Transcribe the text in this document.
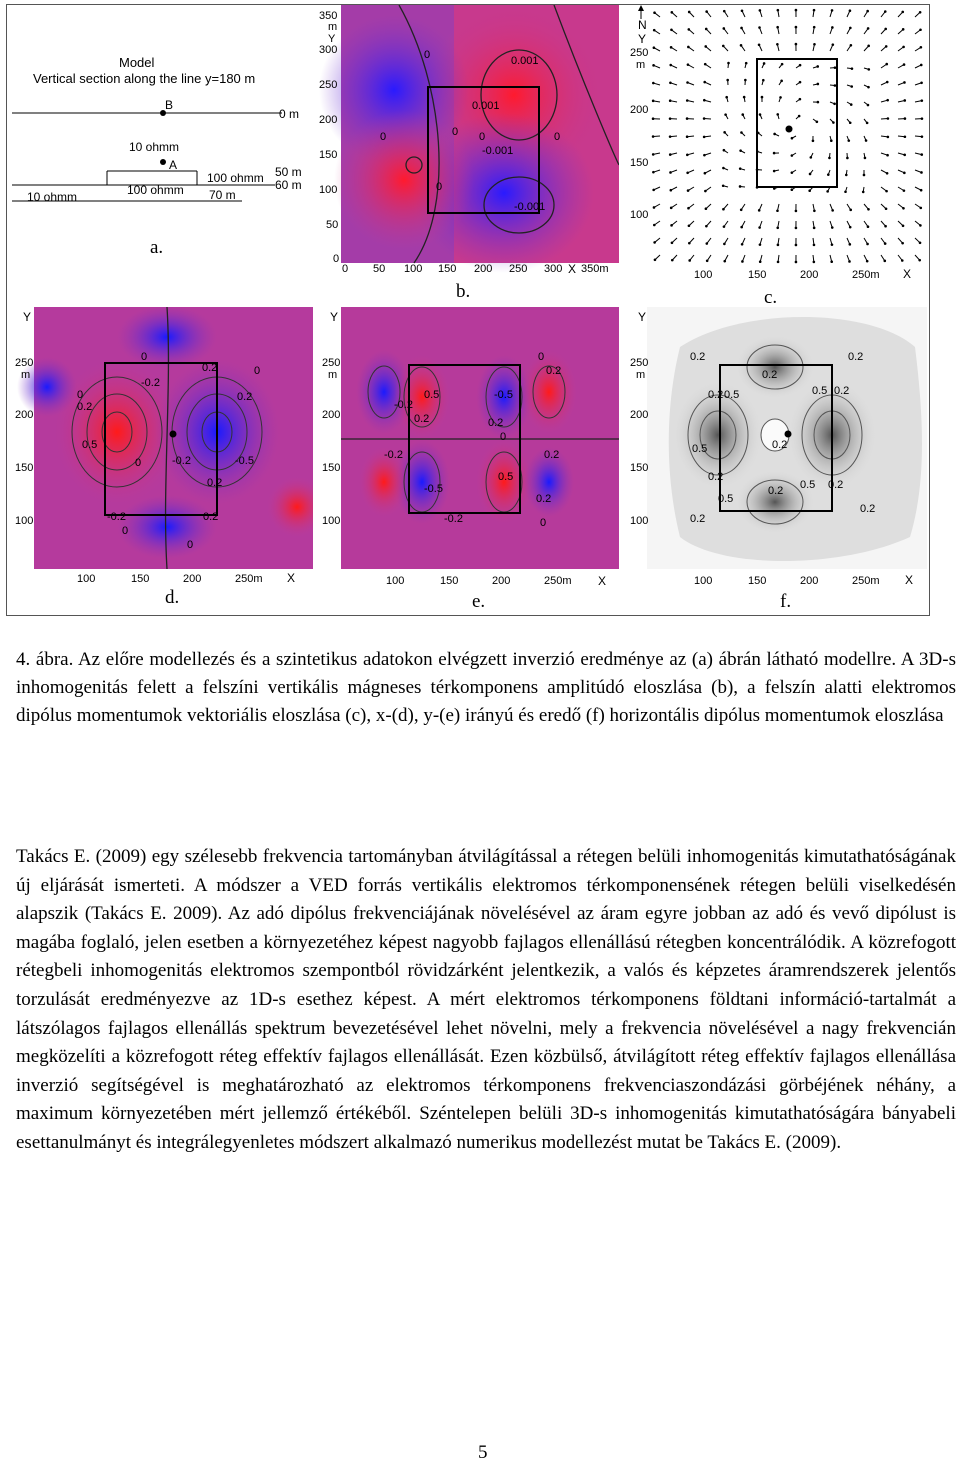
Model
Vertical section along the line y=180 m
B
0 m
10 ohmm
A
100 ohmm 50 m
60 m
10 ohmm	100 ohmm 70 m
a.
350
m
Y
300
250
200
150
100
50
0
0 50 100 150 200 250 300 X 350m
0	0.001
0.001
0	0 0	0
-0.001
0
-0.001
b.
N
Y
250
m
200
150
100
100	150	200	250m X
c.
Y
250
m
200
150
100
100	150	200	250m X
0
0.2
-0.2
0
0.2
0
0.2
0.5
-0.2	-0.5
0
0.2
-0.2
0
0.2
0
d.
Y
250
m
200
150
100
100	150	200	250m X
0
0.2
-0.2
0.2
0.5	-0.5
0.2
0
-0.2	0.2
-0.5
0.5
-0.2
0.2
0
e.
Y
250
m
200
150
100
100	150	200	250m X
0.2	0.2
0.2
0.5
0.2	0.5 0.2
0.5	0.2
0.2
0.5
0.2 0.5 0.2
0.2
0.2
f.
4. ábra. Az előre modellezés és a szintetikus adatokon elvégzett inverzió eredménye az (a) ábrán látható modellre. A 3D-s inhomogenitás felett a felszíni vertikális mágneses térkomponens amplitúdó eloszlása (b), a felszín alatti elektromos dipólus momentumok vektoriális eloszlása (c), x-(d), y-(e) irányú és eredő (f) horizontális dipólus momentumok eloszlása
Takács E. (2009) egy szélesebb frekvencia tartományban átvilágítással a rétegen belüli inhomogenitás kimutathatóságának új eljárását ismerteti. A módszer a VED forrás vertikális elektromos térkomponensének rétegen belüli viselkedésén alapszik (Takács E. 2009). Az adó dipólus frekvenciájának növelésével az áram egyre jobban az adó és vevő dipólust is magába foglaló, jelen esetben a környezetéhez képest nagyobb fajlagos ellenállású rétegben koncentrálódik. A közrefogott rétegbeli inhomogenitás elektromos szempontból rövidzárként jelentkezik, a valós és képzetes áramrendszerek jelentős torzulását eredményezve az 1D-s esethez képest. A mért elektromos térkomponens földtani információ-tartalmát a látszólagos fajlagos ellenállás spektrum bevezetésével lehet növelni, mely a frekvencia növelésével a nagy frekvencián megközelíti a közrefogott réteg effektív fajlagos ellenállását. Ezen közbülső, átvilágított réteg effektív fajlagos ellenállása inverzió segítségével is meghatározható az elektromos térkomponens frekvenciaszondázási görbéjének néhány, a maximum környezetében mért jellemző értékéből. Széntelepen belüli 3D-s inhomogenitás kimutathatóságára bányabeli esettanulmányt és integrálegyenletes módszert alkalmazó numerikus modellezést mutat be Takács E. (2009).
5
